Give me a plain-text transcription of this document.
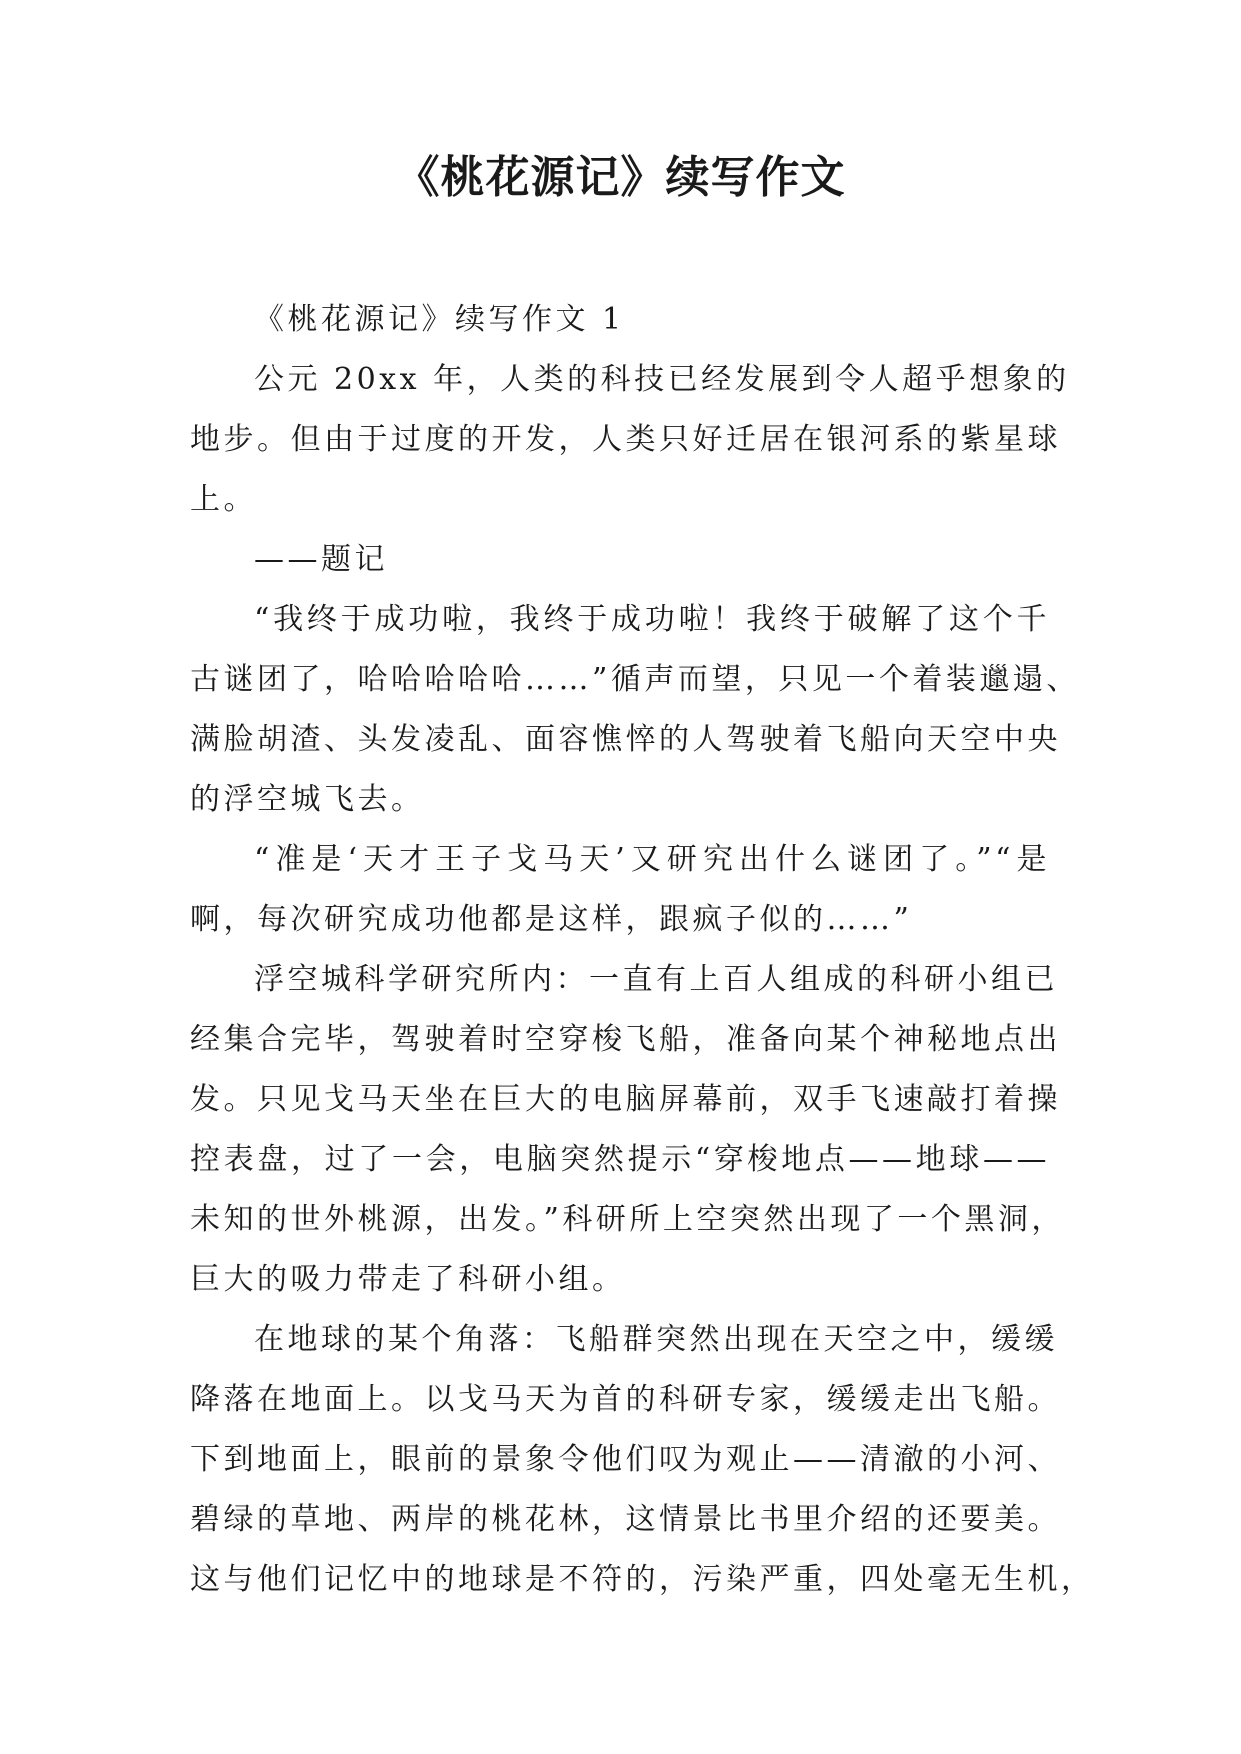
《桃花源记》续写作文
《桃花源记》续写作文 1
公元 20xx 年，人类的科技已经发展到令人超乎想象的
地步。但由于过度的开发，人类只好迁居在银河系的紫星球
上。
——题记
“我终于成功啦，我终于成功啦！我终于破解了这个千
古谜团了，哈哈哈哈哈……”循声而望，只见一个着装邋遢、
满脸胡渣、头发凌乱、面容憔悴的人驾驶着飞船向天空中央
的浮空城飞去。
“准是‘天才王子戈马天’又研究出什么谜团了。”“是
啊，每次研究成功他都是这样，跟疯子似的……”
浮空城科学研究所内：一直有上百人组成的科研小组已
经集合完毕，驾驶着时空穿梭飞船，准备向某个神秘地点出
发。只见戈马天坐在巨大的电脑屏幕前，双手飞速敲打着操
控表盘，过了一会，电脑突然提示“穿梭地点——地球——
未知的世外桃源，出发。”科研所上空突然出现了一个黑洞，
巨大的吸力带走了科研小组。
在地球的某个角落：飞船群突然出现在天空之中，缓缓
降落在地面上。以戈马天为首的科研专家，缓缓走出飞船。
下到地面上，眼前的景象令他们叹为观止——清澈的小河、
碧绿的草地、两岸的桃花林，这情景比书里介绍的还要美。
这与他们记忆中的地球是不符的，污染严重，四处毫无生机，
